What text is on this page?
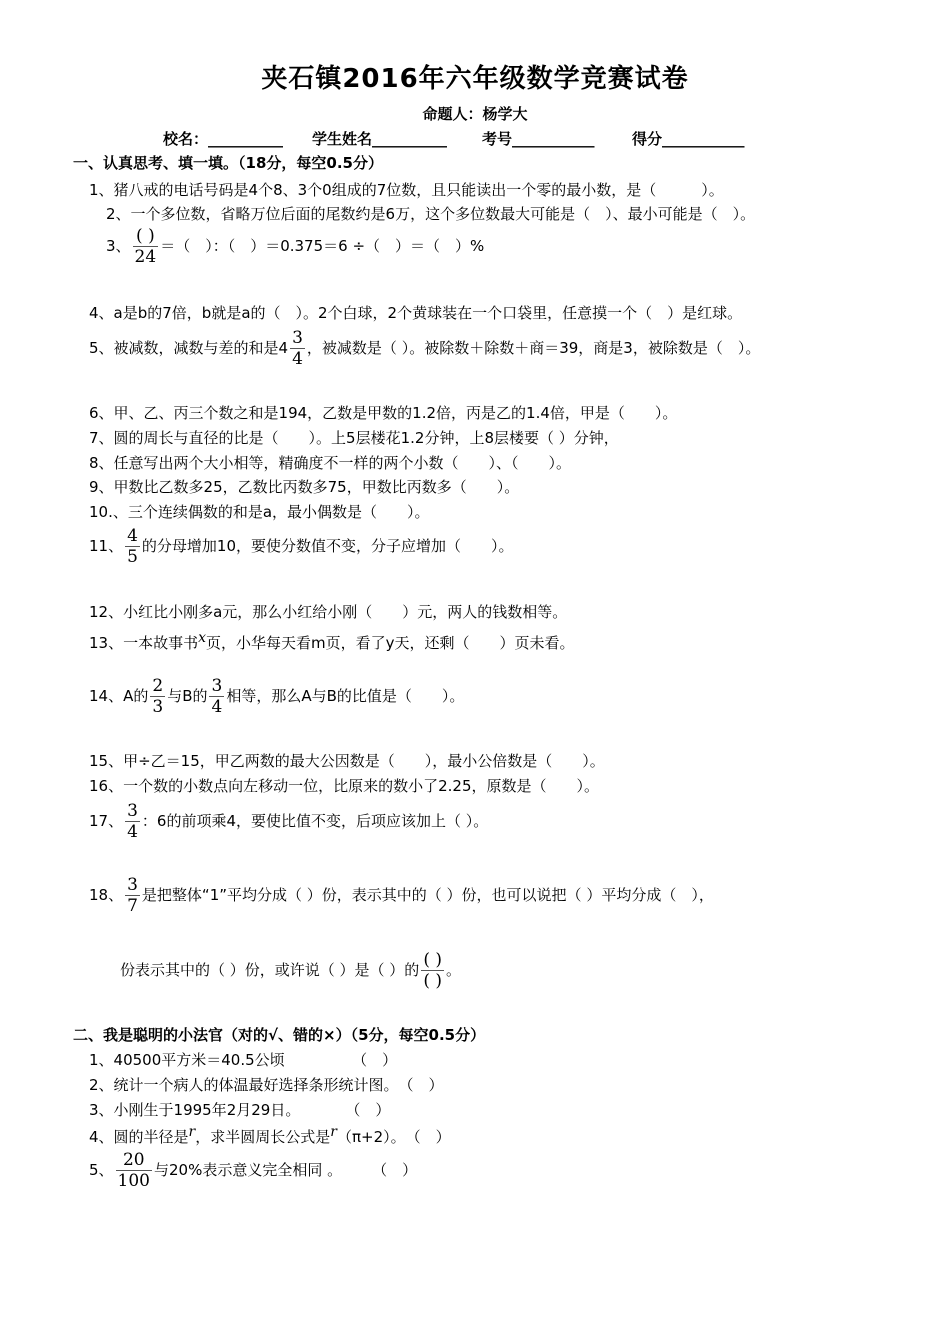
夹石镇2016年六年级数学竞赛试卷
命题人：杨学大
校名：__________ 学生姓名__________ 考号___________ 得分___________
一、认真思考、填一填。（18分，每空0.5分）
1、猪八戒的电话号码是4个8、3个0组成的7位数，且只能读出一个零的最小数，是（　　　）。
2、一个多位数，省略万位后面的尾数约是6万，这个多位数最大可能是（　）、最小可能是（　）。
3、 $\frac{( )}{24}$ ＝（　）：（　）＝0.375＝6 ÷（　）＝（　）%
4、a是b的7倍，b就是a的（　）。2个白球，2个黄球装在一个口袋里，任意摸一个（　）是红球。
5、被减数，减数与差的和是$4 \frac{3}{4}$ ，被减数是（ ）。被除数＋除数＋商＝39，商是3，被除数是（　）。
6、甲、乙、丙三个数之和是194，乙数是甲数的1.2倍，丙是乙的1.4倍，甲是（　　）。
7、圆的周长与直径的比是（　　）。上5层楼花1.2分钟，上8层楼要（ ）分钟，
8、任意写出两个大小相等，精确度不一样的两个小数（　　）、（　　）。
9、甲数比乙数多25，乙数比丙数多75，甲数比丙数多（　　）。
10.、三个连续偶数的和是a，最小偶数是（　　）。
11、 $\frac{4}{5}$ 的分母增加10，要使分数值不变，分子应增加（　　）。
12、小红比小刚多a元，那么小红给小刚（　　）元，两人的钱数相等。
13、一本故事书x页，小华每天看m页，看了y天，还剩（　　）页未看。
14、A的 $\frac{2}{3}$ 与B的 $\frac{3}{4}$ 相等，那么A与B的比值是（　　）。
15、甲÷乙＝15，甲乙两数的最大公因数是（　　），最小公倍数是（　　）。
16、一个数的小数点向左移动一位，比原来的数小了2.25，原数是（　　）。
17、 $\frac{3}{4}$ ：6的前项乘4，要使比值不变，后项应该加上（ ）。
18、 $\frac{3}{7}$ 是把整体“1”平均分成（ ）份，表示其中的（ ）份，也可以说把（ ）平均分成（　），
份表示其中的（ ）份，或许说（ ）是（ ）的 $\frac{( )}{( )}$ 。
二、我是聪明的小法官（对的√、错的×）（5分，每空0.5分）
1、40500平方米＝40.5公顷　　　　　（　）
2、统计一个病人的体温最好选择条形统计图。　（　）
3、小刚生于1995年2月29日。　　　　（　）
4、圆的半径是r，求半圆周长公式是r（π+2）。　（　）
5、 $\frac{20}{100}$ 与20%表示意义完全相同 。　　　（　）
